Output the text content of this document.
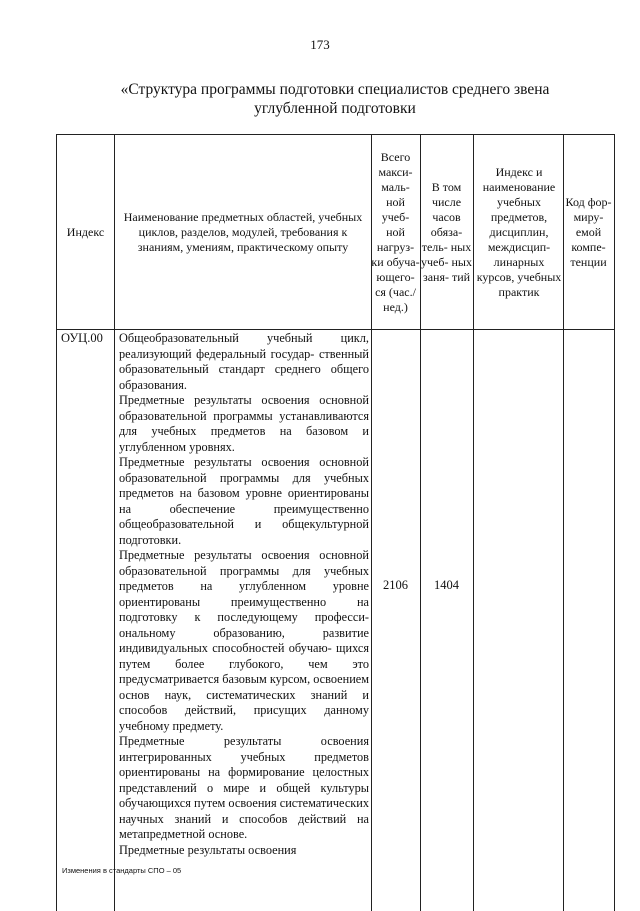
173
«Структура программы подготовки специалистов среднего звена углубленной подготовки
Индекс
Наименование предметных областей, учебных циклов, разделов, модулей, требования к знаниям, умениям, практическому опыту
Всего макси- маль- ной учеб- ной нагруз- ки обуча- ющего- ся (час./ нед.)
В том числе часов обяза- тель- ных учеб- ных заня- тий
Индекс и наименование учебных предметов, дисциплин, междисцип- линарных курсов, учебных практик
Код фор- миру- емой компе- тенции
ОУЦ.00 Общеобразовательный учебный цикл, реализующий федеральный государ- ственный образовательный стандарт среднего общего образования.

Предметные результаты освоения основной образовательной программы устанавливаются для учебных предметов на базовом и углубленном уровнях.

Предметные результаты освоения основной образовательной программы для учебных предметов на базовом уровне ориентированы на обеспечение преимущественно общеобразовательной и общекультурной подготовки.

Предметные результаты освоения основной образовательной программы для учебных предметов на углубленном уровне ориентированы преимущественно на подготовку к последующему професси- ональному образованию, развитие индивидуальных способностей обучаю- щихся путем более глубокого, чем это предусматривается базовым курсом, освоением основ наук, систематических знаний и способов действий, присущих данному учебному предмету.

Предметные результаты освоения интегрированных учебных предметов ориентированы на формирование целостных представлений о мире и общей культуры обучающихся путем освоения систематических научных знаний и способов действий на метапредметной основе.

Предметные результаты освоения

2106	1404
Изменения в стандарты СПО – 05
